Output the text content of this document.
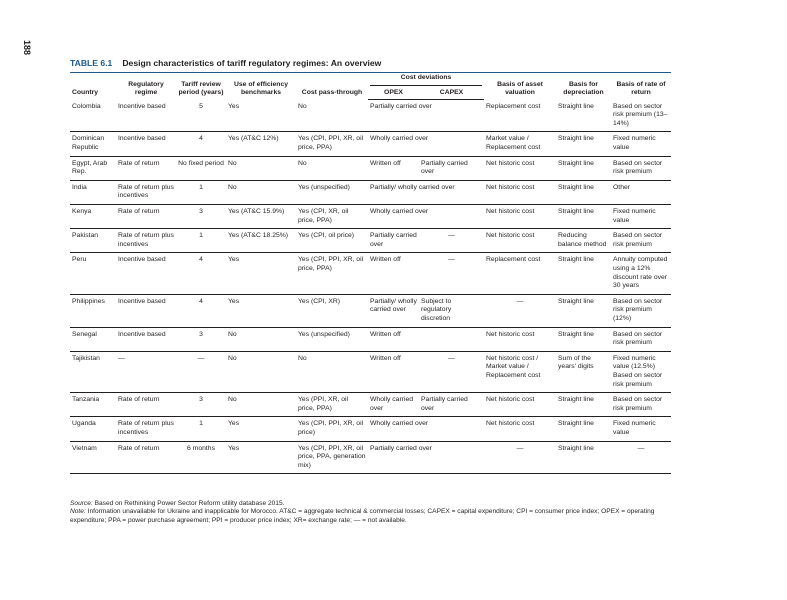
188
TABLE 6.1 Design characteristics of tariff regulatory regimes: An overview
Country	Regulatory regime	Tariff review period (years)	Use of efficiency benchmarks	Cost pass-through	Cost deviations		Basis of asset valuation	Basis for depreciation	Basis of rate of return
					OPEX	CAPEX			
Colombia	Incentive based	5	Yes	No	Partially carried over		Replacement cost	Straight line	Based on sector risk premium (13–14%)
Dominican Republic	Incentive based	4	Yes (AT&C 12%)	Yes (CPI, PPI, XR, oil price, PPA)	Wholly carried over		Market value / Replacement cost	Straight line	Fixed numeric value
Egypt, Arab Rep.	Rate of return	No fixed period	No	No	Written off	Partially carried over	Net historic cost	Straight line	Based on sector risk premium
India	Rate of return plus incentives	1	No	Yes (unspecified)	Partially/ wholly carried over		Net historic cost	Straight line	Other
Kenya	Rate of return	3	Yes (AT&C 15.9%)	Yes (CPI, XR, oil price, PPA)	Wholly carried over		Net historic cost	Straight line	Fixed numeric value
Pakistan	Rate of return plus incentives	1	Yes (AT&C 18.25%)	Yes (CPI, oil price)	Partially carried over	—	Net historic cost	Reducing balance method	Based on sector risk premium
Peru	Incentive based	4	Yes	Yes (CPI, PPI, XR, oil price, PPA)	Written off	—	Replacement cost	Straight line	Annuity computed using a 12% discount rate over 30 years
Philippines	Incentive based	4	Yes	Yes (CPI, XR)	Partially/ wholly carried over	Subject to regulatory discretion	—	Straight line	Based on sector risk premium (12%)
Senegal	Incentive based	3	No	Yes (unspecified)	Written off		Net historic cost	Straight line	Based on sector risk premium
Tajikistan	—	—	No	No	Written off	—	Net historic cost / Market value / Replacement cost	Sum of the years' digits	Fixed numeric value (12.5%) Based on sector risk premium
Tanzania	Rate of return	3	No	Yes (PPI, XR, oil price, PPA)	Wholly carried over	Partially carried over	Net historic cost	Straight line	Based on sector risk premium
Uganda	Rate of return plus incentives	1	Yes	Yes (CPI, PPI, XR, oil price)	Wholly carried over		Net historic cost	Straight line	Fixed numeric value
Vietnam	Rate of return	6 months	Yes	Yes (CPI, PPI, XR, oil price, PPA, generation mix)	Partially carried over		—	Straight line	—
Source: Based on Rethinking Power Sector Reform utility database 2015.
Note: Information unavailable for Ukraine and inapplicable for Morocco. AT&C = aggregate technical & commercial losses; CAPEX = capital expenditure; CPI = consumer price index; OPEX = operating expenditure; PPA = power purchase agreement; PPI = producer price index; XR= exchange rate; — = not available.
